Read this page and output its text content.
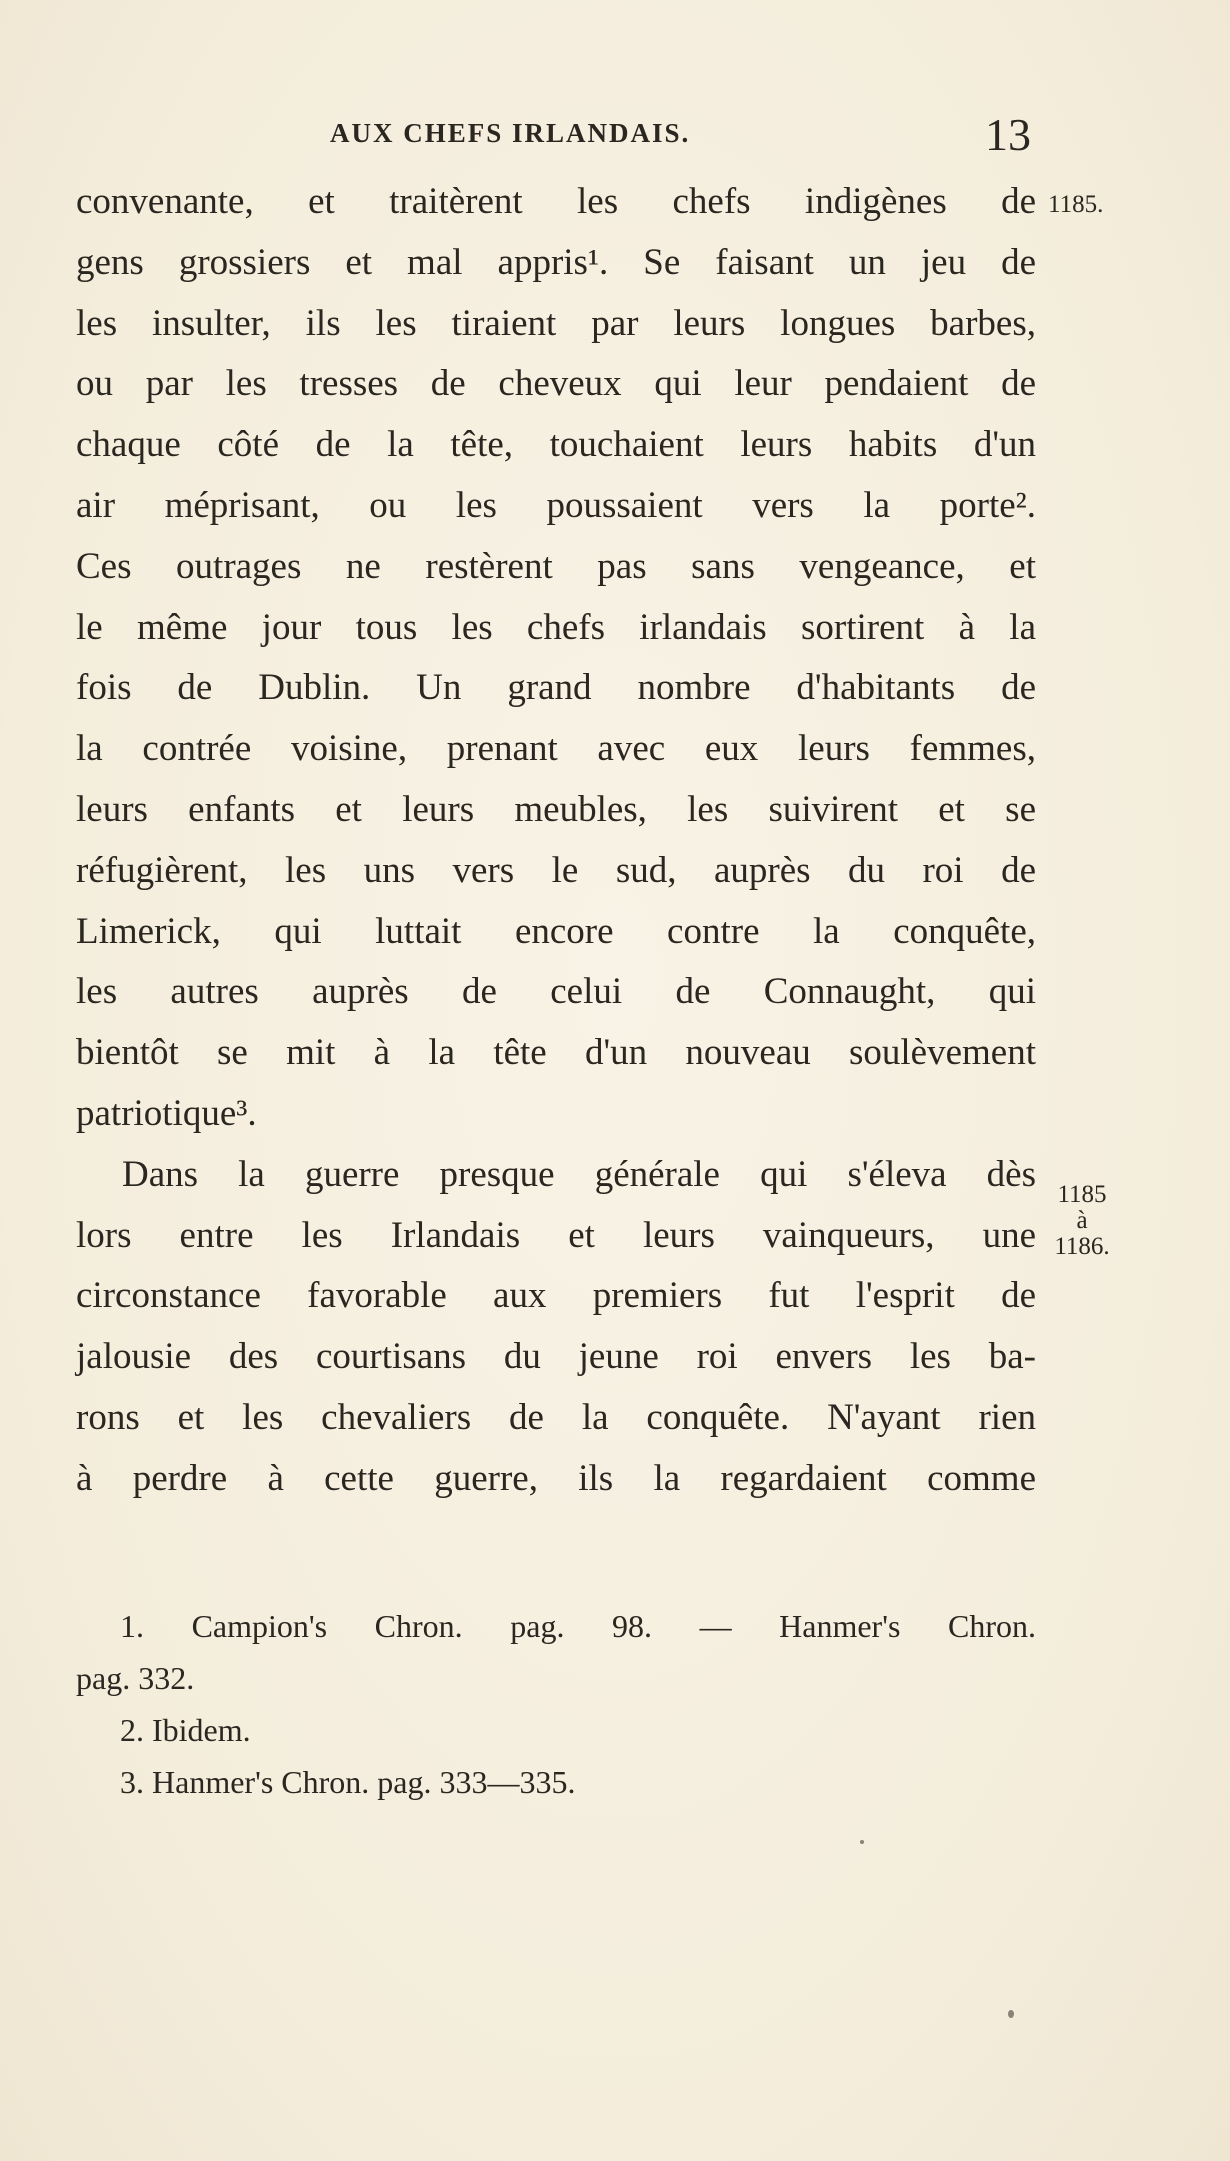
AUX CHEFS IRLANDAIS.	13
convenante, et traitèrent les chefs indigènes de
gens grossiers et mal appris¹. Se faisant un jeu de
les insulter, ils les tiraient par leurs longues barbes,
ou par les tresses de cheveux qui leur pendaient de
chaque côté de la tête, touchaient leurs habits d'un
air méprisant, ou les poussaient vers la porte².
Ces outrages ne restèrent pas sans vengeance, et
le même jour tous les chefs irlandais sortirent à la
fois de Dublin. Un grand nombre d'habitants de
la contrée voisine, prenant avec eux leurs femmes,
leurs enfants et leurs meubles, les suivirent et se
réfugièrent, les uns vers le sud, auprès du roi de
Limerick, qui luttait encore contre la conquête,
les autres auprès de celui de Connaught, qui
bientôt se mit à la tête d'un nouveau soulèvement
patriotique³.
Dans la guerre presque générale qui s'éleva dès
lors entre les Irlandais et leurs vainqueurs, une
circonstance favorable aux premiers fut l'esprit de
jalousie des courtisans du jeune roi envers les ba-
rons et les chevaliers de la conquête. N'ayant rien
à perdre à cette guerre, ils la regardaient comme
1185.
1185
à
1186.
1. Campion's Chron. pag. 98. — Hanmer's Chron.
pag. 332.
2. Ibidem.
3. Hanmer's Chron. pag. 333—335.
